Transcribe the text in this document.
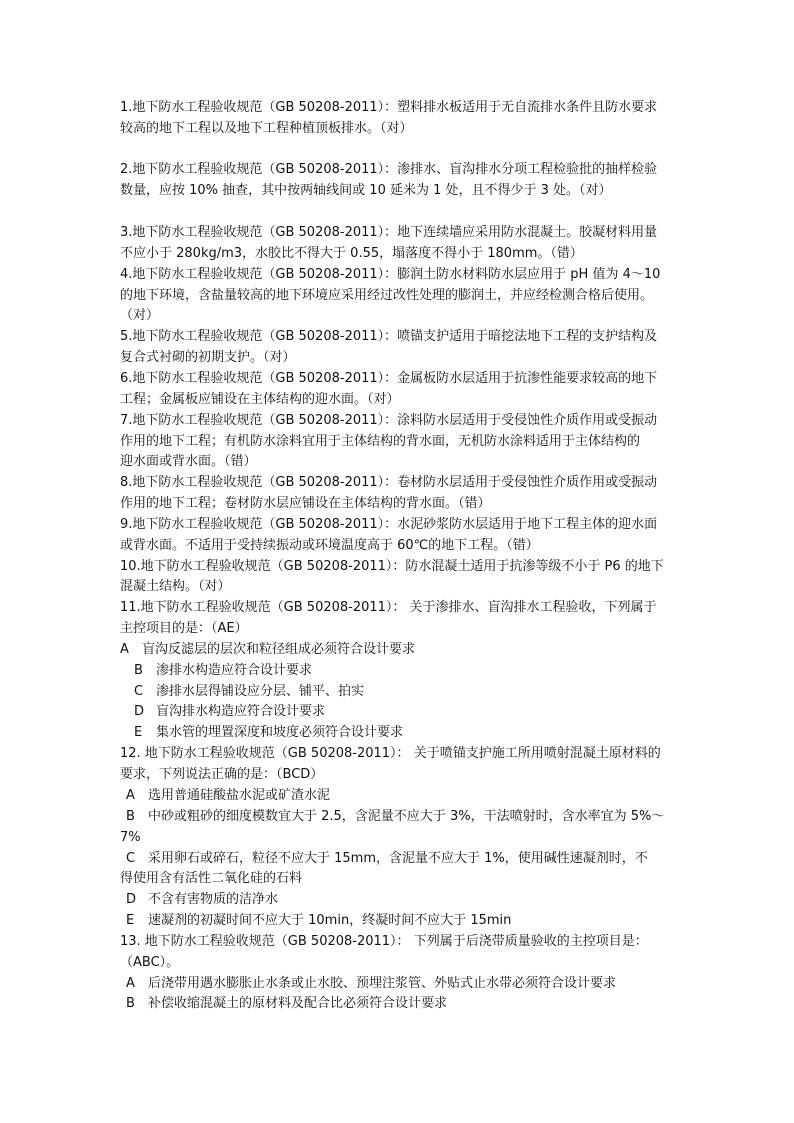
1.地下防水工程验收规范（GB 50208-2011）：塑料排水板适用于无自流排水条件且防水要求
较高的地下工程以及地下工程种植顶板排水。（对）
2.地下防水工程验收规范（GB 50208-2011）：渗排水、盲沟排水分项工程检验批的抽样检验
数量，应按 10% 抽查，其中按两轴线间或 10 延米为 1 处，且不得少于 3 处。（对）
3.地下防水工程验收规范（GB 50208-2011）：地下连续墙应采用防水混凝土。胶凝材料用量
不应小于 280kg/m3，水胶比不得大于 0.55，塌落度不得小于 180mm。（错）
4.地下防水工程验收规范（GB 50208-2011）：膨润土防水材料防水层应用于 pH 值为 4～10
的地下环境，含盐量较高的地下环境应采用经过改性处理的膨润土，并应经检测合格后使用。
（对）
5.地下防水工程验收规范（GB 50208-2011）：喷锚支护适用于暗挖法地下工程的支护结构及
复合式衬砌的初期支护。（对）
6.地下防水工程验收规范（GB 50208-2011）：金属板防水层适用于抗渗性能要求较高的地下
工程；金属板应铺设在主体结构的迎水面。（对）
7.地下防水工程验收规范（GB 50208-2011）：涂料防水层适用于受侵蚀性介质作用或受振动
作用的地下工程；有机防水涂料宜用于主体结构的背水面，无机防水涂料适用于主体结构的
迎水面或背水面。（错）
8.地下防水工程验收规范（GB 50208-2011）：卷材防水层适用于受侵蚀性介质作用或受振动
作用的地下工程；卷材防水层应铺设在主体结构的背水面。（错）
9.地下防水工程验收规范（GB 50208-2011）：水泥砂浆防水层适用于地下工程主体的迎水面
或背水面。不适用于受持续振动或环境温度高于 60℃的地下工程。（错）
10.地下防水工程验收规范（GB 50208-2011）：防水混凝土适用于抗渗等级不小于 P6 的地下
混凝土结构。（对）
11.地下防水工程验收规范（GB 50208-2011）： 关于渗排水、盲沟排水工程验收，下列属于
主控项目的是：（AE）
A 盲沟反滤层的层次和粒径组成必须符合设计要求
B 渗排水构造应符合设计要求
C 渗排水层得铺设应分层、铺平、拍实
D 盲沟排水构造应符合设计要求
E 集水管的埋置深度和坡度必须符合设计要求
12. 地下防水工程验收规范（GB 50208-2011）： 关于喷锚支护施工所用喷射混凝土原材料的
要求，下列说法正确的是：（BCD）
A 选用普通硅酸盐水泥或矿渣水泥
B 中砂或粗砂的细度模数宜大于 2.5，含泥量不应大于 3%，干法喷射时，含水率宜为 5%～
7%
C 采用卵石或碎石，粒径不应大于 15mm，含泥量不应大于 1%，使用碱性速凝剂时，不
得使用含有活性二氧化硅的石料
D 不含有害物质的洁净水
E 速凝剂的初凝时间不应大于 10min，终凝时间不应大于 15min
13. 地下防水工程验收规范（GB 50208-2011）： 下列属于后浇带质量验收的主控项目是：
（ABC）。
A 后浇带用遇水膨胀止水条或止水胶、预埋注浆管、外贴式止水带必须符合设计要求
B 补偿收缩混凝土的原材料及配合比必须符合设计要求
